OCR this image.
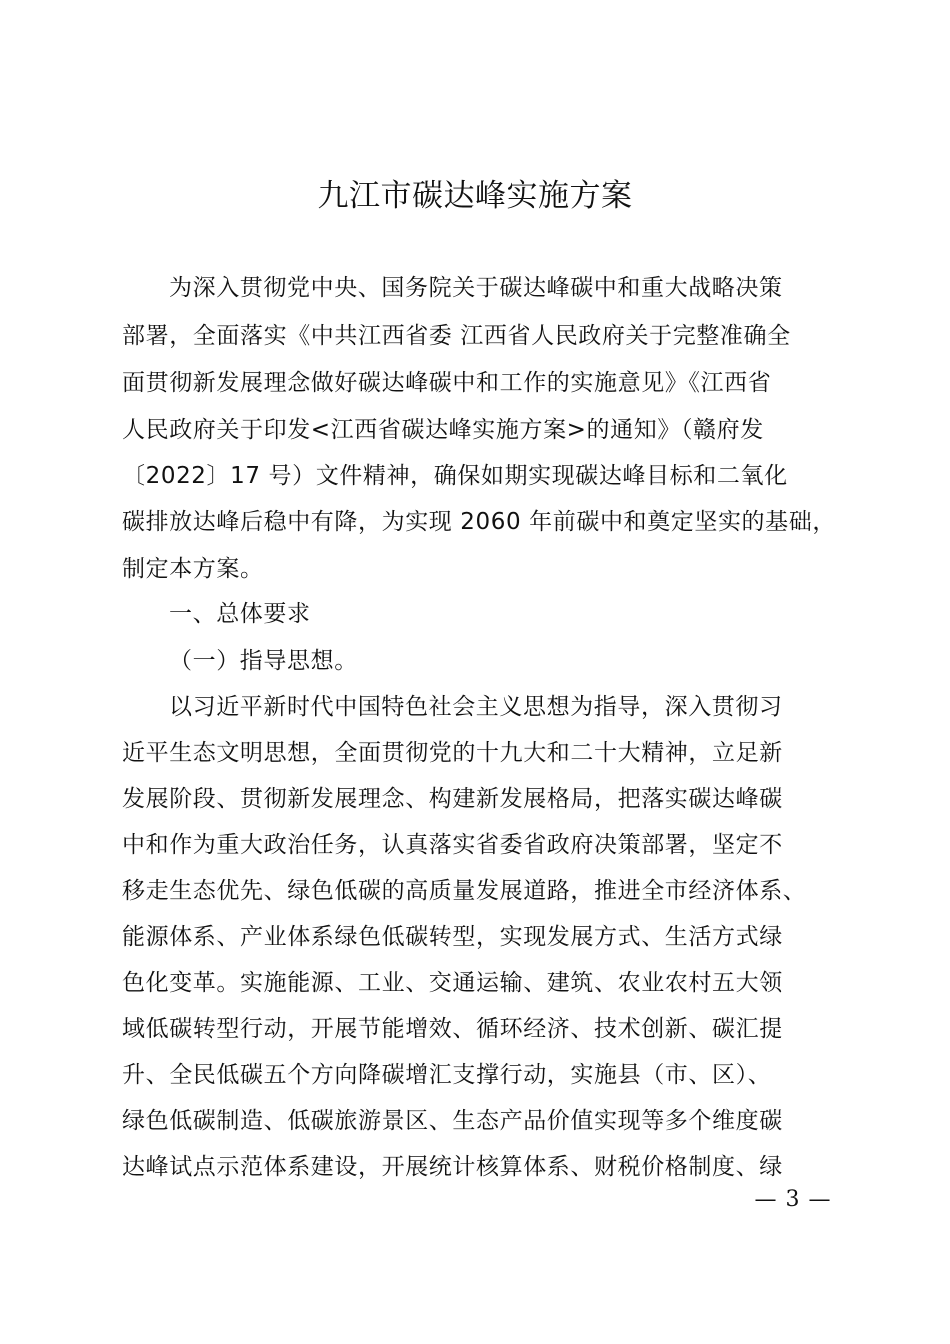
九江市碳达峰实施方案

为深入贯彻党中央、国务院关于碳达峰碳中和重大战略决策

部署，全面落实《中共江西省委 江西省人民政府关于完整准确全

面贯彻新发展理念做好碳达峰碳中和工作的实施意见》《江西省

人民政府关于印发<江西省碳达峰实施方案>的通知》（赣府发

〔2022〕17 号）文件精神，确保如期实现碳达峰目标和二氧化

碳排放达峰后稳中有降，为实现 2060 年前碳中和奠定坚实的基础，

制定本方案。

一、总体要求

（一）指导思想。

以习近平新时代中国特色社会主义思想为指导，深入贯彻习

近平生态文明思想，全面贯彻党的十九大和二十大精神，立足新

发展阶段、贯彻新发展理念、构建新发展格局，把落实碳达峰碳

中和作为重大政治任务，认真落实省委省政府决策部署，坚定不

移走生态优先、绿色低碳的高质量发展道路，推进全市经济体系、

能源体系、产业体系绿色低碳转型，实现发展方式、生活方式绿

色化变革。实施能源、工业、交通运输、建筑、农业农村五大领

域低碳转型行动，开展节能增效、循环经济、技术创新、碳汇提

升、全民低碳五个方向降碳增汇支撑行动，实施县（市、区）、

绿色低碳制造、低碳旅游景区、生态产品价值实现等多个维度碳

达峰试点示范体系建设，开展统计核算体系、财税价格制度、绿

— 3 —
